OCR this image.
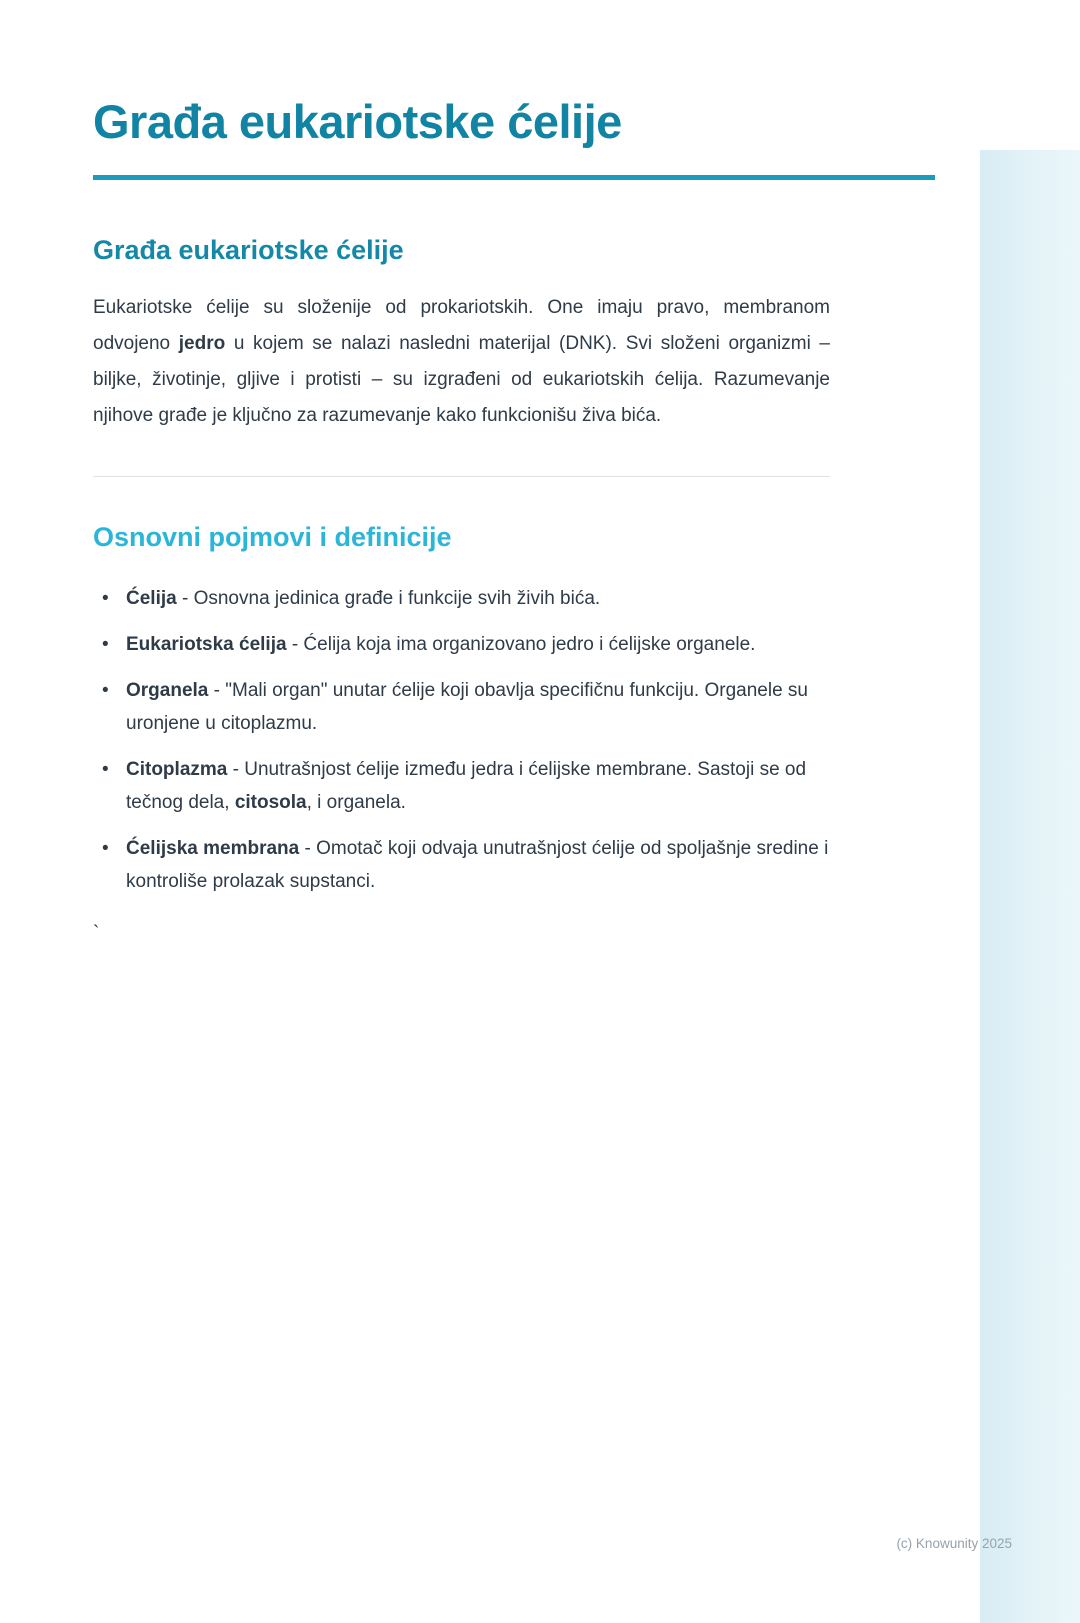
Građa eukariotske ćelije
Građa eukariotske ćelije

Eukariotske ćelije su složenije od prokariotskih. One imaju pravo, membranom odvojeno jedro u kojem se nalazi nasledni materijal (DNK). Svi složeni organizmi – biljke, životinje, gljive i protisti – su izgrađeni od eukariotskih ćelija. Razumevanje njihove građe je ključno za razumevanje kako funkcionišu živa bića.

Osnovni pojmovi i definicije
• Ćelija - Osnovna jedinica građe i funkcije svih živih bića.
• Eukariotska ćelija - Ćelija koja ima organizovano jedro i ćelijske organele.
• Organela - "Mali organ" unutar ćelije koji obavlja specifičnu funkciju. Organele su uronjene u citoplazmu.
• Citoplazma - Unutrašnjost ćelije između jedra i ćelijske membrane. Sastoji se od tečnog dela, citosola, i organela.
• Ćelijska membrana - Omotač koji odvaja unutrašnjost ćelije od spoljašnje sredine i kontroliše prolazak supstanci.
`
(c) Knowunity 2025
